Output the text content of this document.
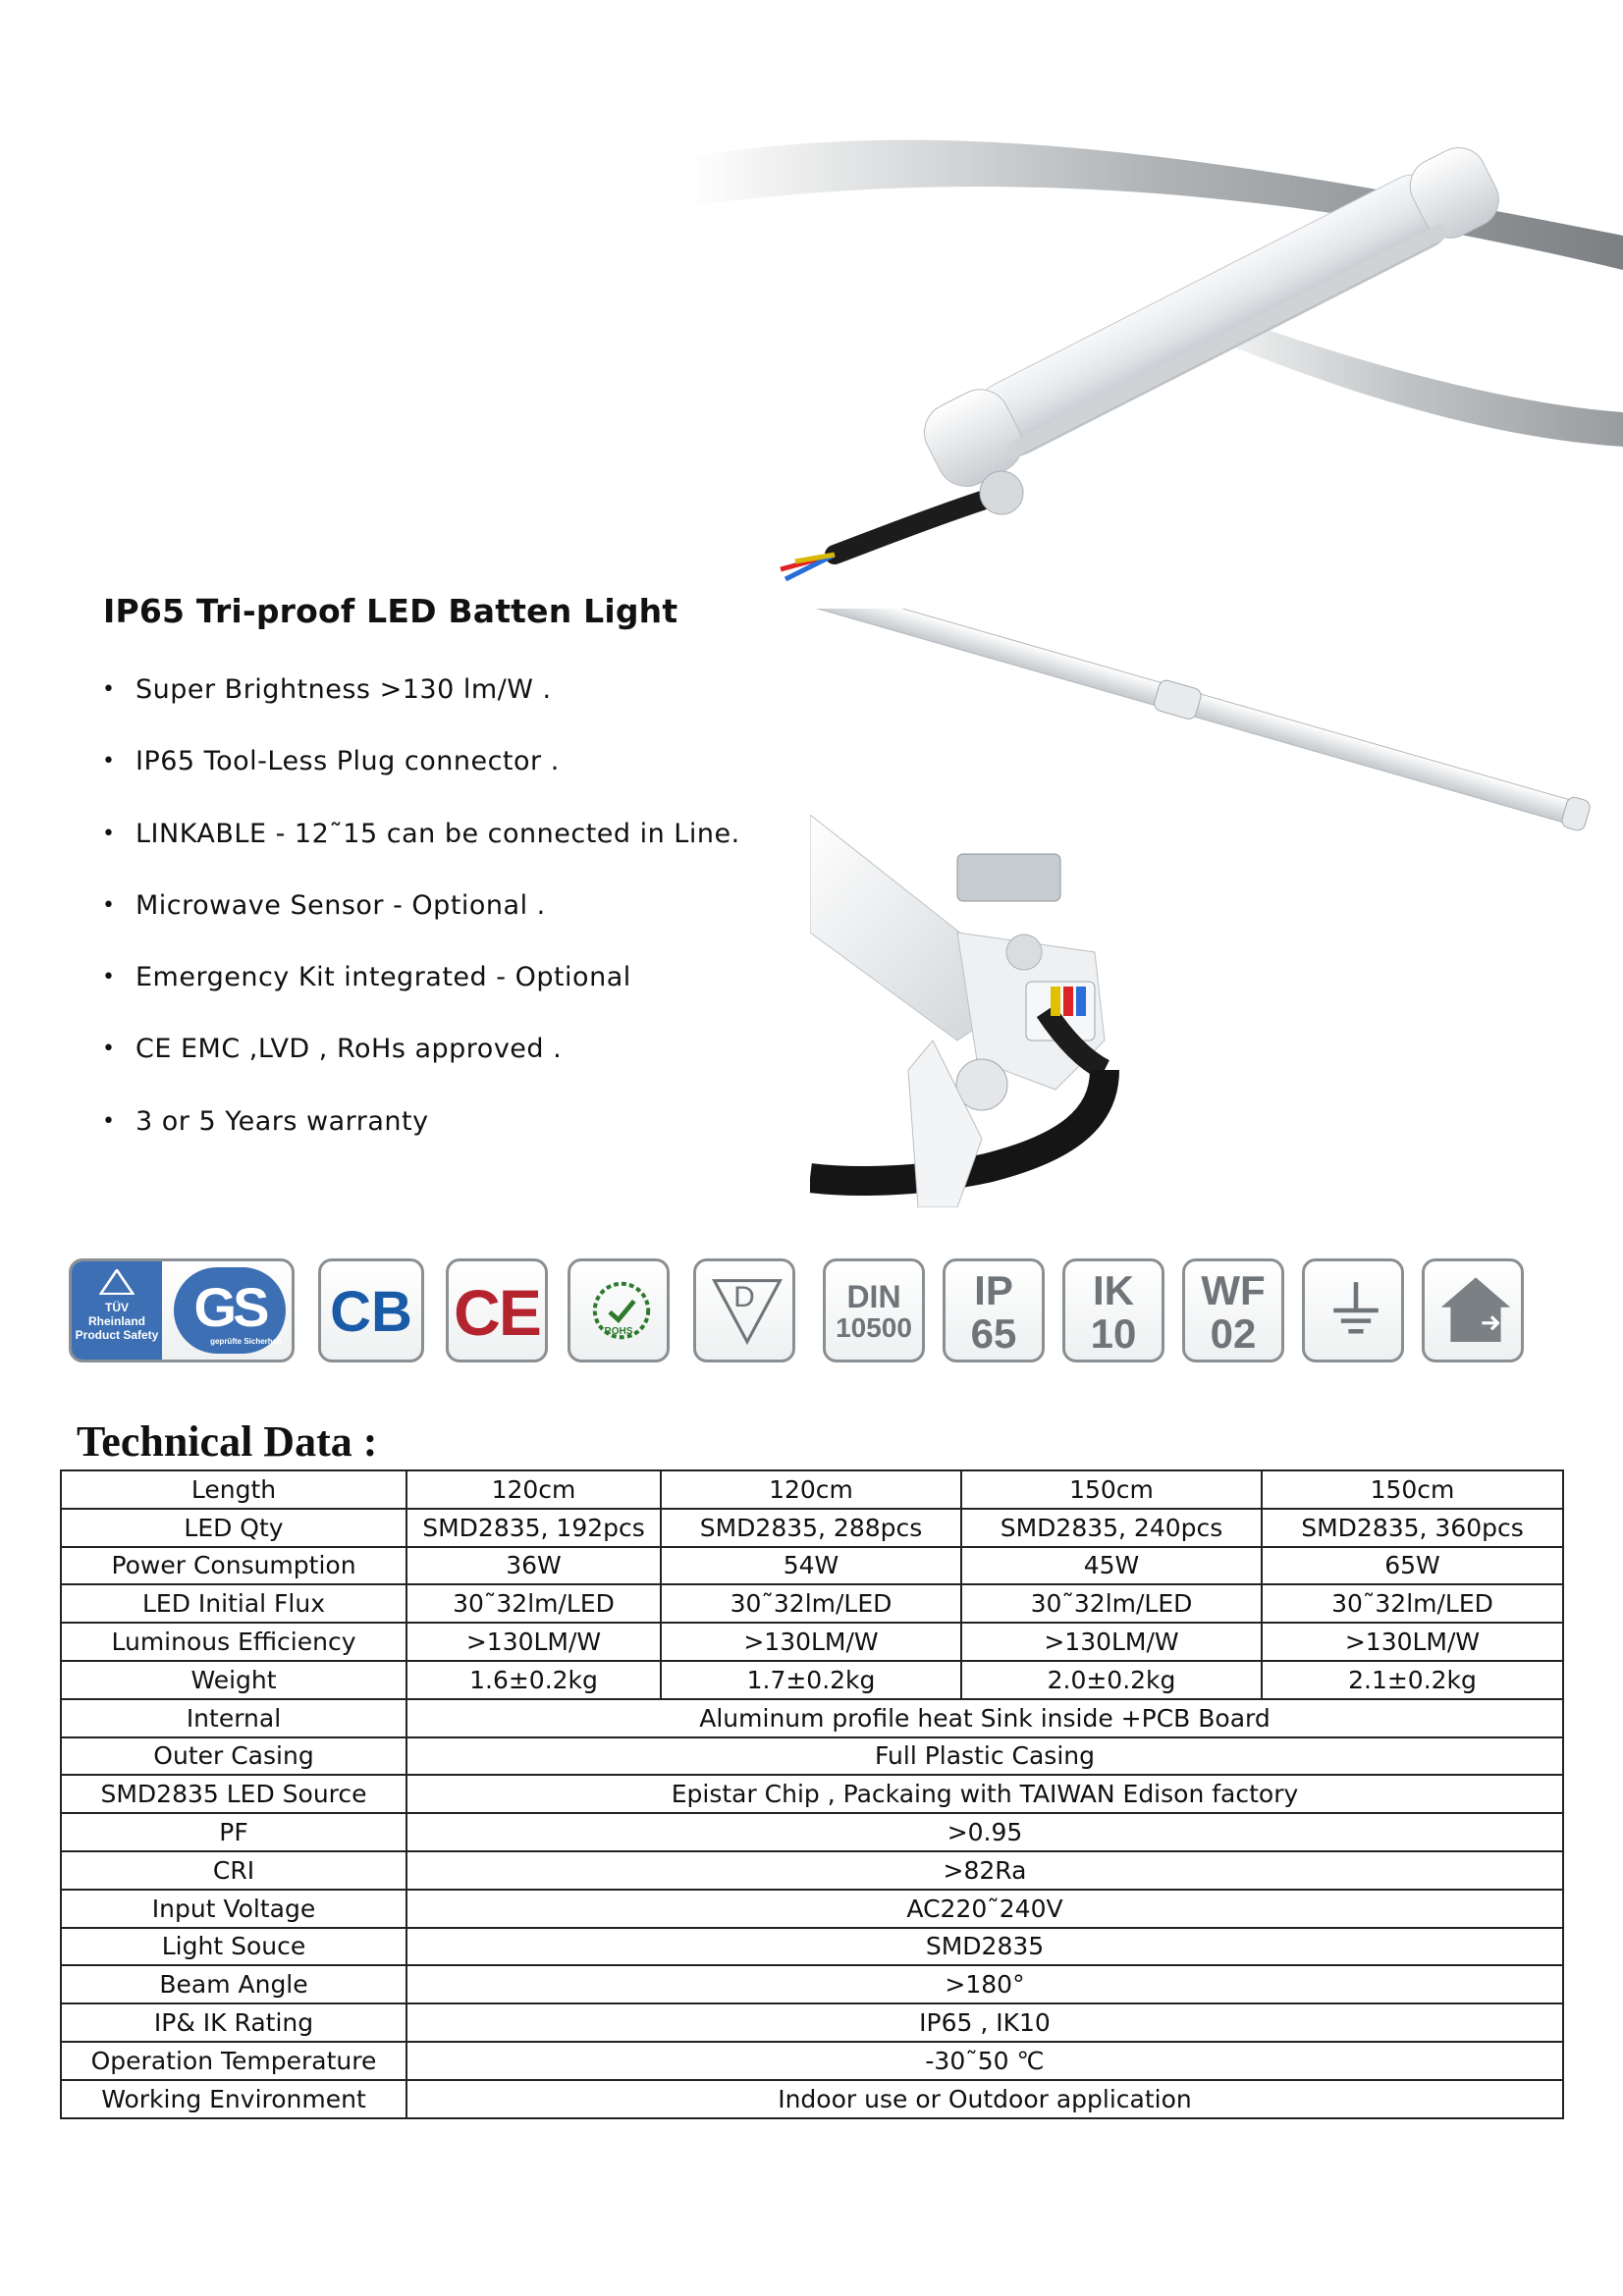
IP65 Tri-proof LED Batten Light
• Super Brightness >130 lm/W .
• IP65 Tool-Less Plug connector .
• LINKABLE - 12˜15 can be connected in Line.
• Microwave Sensor - Optional .
• Emergency Kit integrated - Optional
• CE EMC ,LVD , RoHs approved .
• 3 or 5 Years warranty
TÜV
Rheinland
Product Safety GS
geprüfte Sicherheit CB CE	ROHS
D	DIN
10500
IP
65
IK
10
WF
02
Technical Data :
Length	120cm	120cm	150cm	150cm
LED Qty	SMD2835, 192pcs	SMD2835, 288pcs	SMD2835, 240pcs	SMD2835, 360pcs
Power Consumption	36W	54W	45W	65W
LED Initial Flux	30˜32lm/LED	30˜32lm/LED	30˜32lm/LED	30˜32lm/LED
Luminous Efficiency	>130LM/W	>130LM/W	>130LM/W	>130LM/W
Weight	1.6±0.2kg	1.7±0.2kg	2.0±0.2kg	2.1±0.2kg
Internal	Aluminum profile heat Sink inside +PCB Board			
Outer Casing	Full Plastic Casing			
SMD2835 LED Source	Epistar Chip , Packaing with TAIWAN Edison factory			
PF	>0.95			
CRI	>82Ra			
Input Voltage	AC220˜240V			
Light Souce	SMD2835			
Beam Angle	>180°			
IP& IK Rating	IP65 , IK10			
Operation Temperature	-30˜50 ℃			
Working Environment	Indoor use or Outdoor application			
